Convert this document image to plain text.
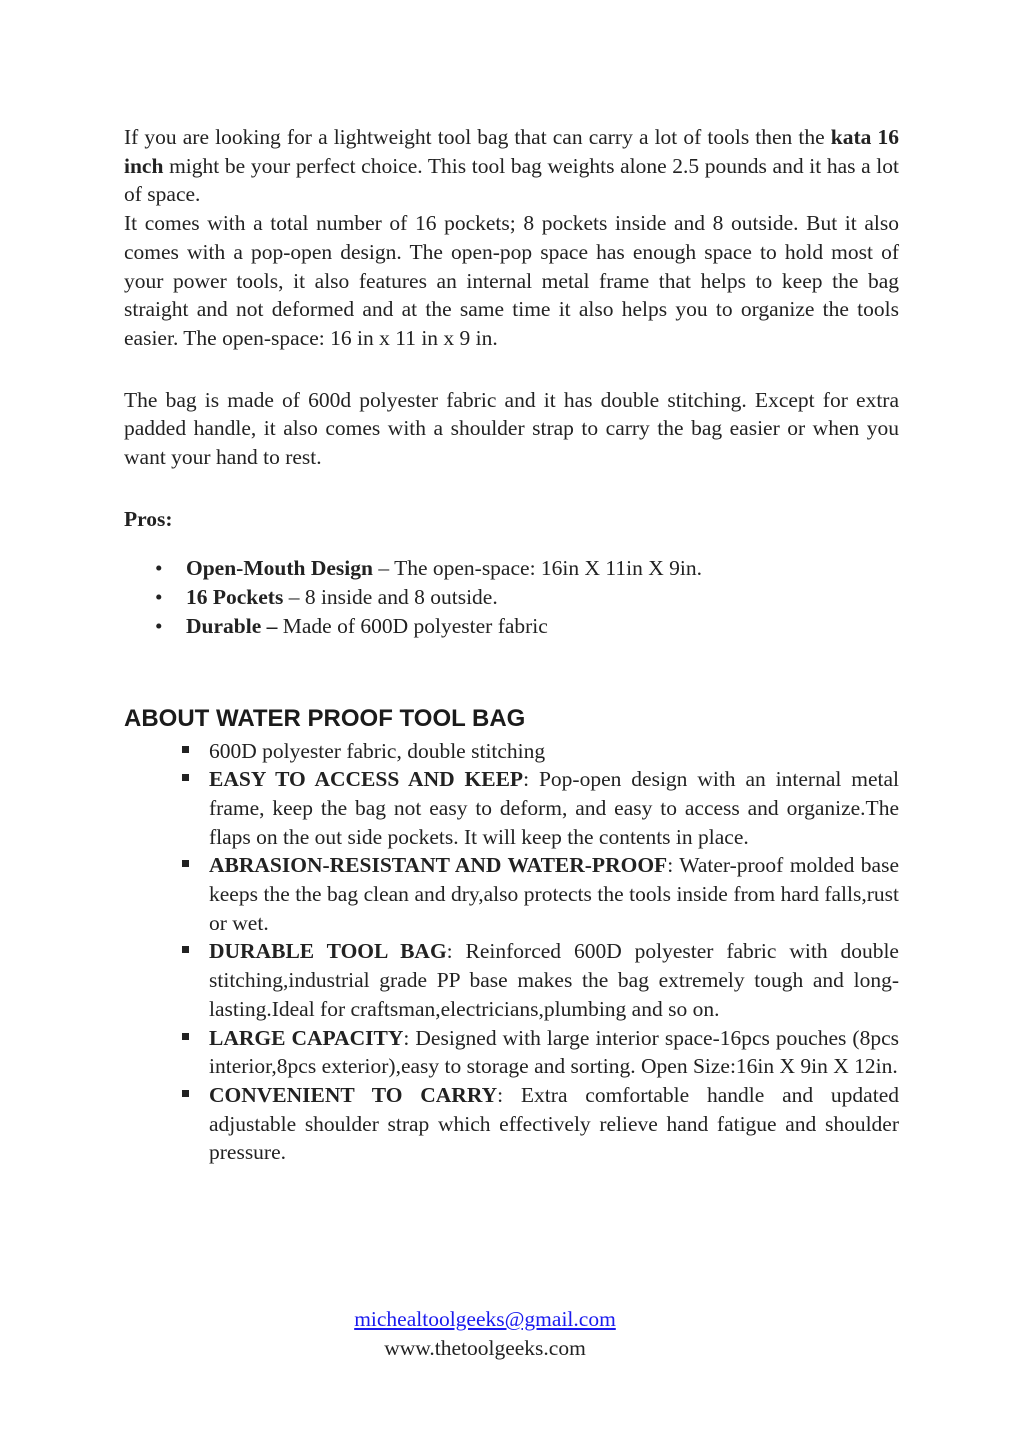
If you are looking for a lightweight tool bag that can carry a lot of tools then the kata 16 inch might be your perfect choice. This tool bag weights alone 2.5 pounds and it has a lot of space.

It comes with a total number of 16 pockets; 8 pockets inside and 8 outside. But it also comes with a pop-open design. The open-pop space has enough space to hold most of your power tools, it also features an internal metal frame that helps to keep the bag straight and not deformed and at the same time it also helps you to organize the tools easier. The open-space: 16 in x 11 in x 9 in.

The bag is made of 600d polyester fabric and it has double stitching. Except for extra padded handle, it also comes with a shoulder strap to carry the bag easier or when you want your hand to rest.

Pros:

• Open-Mouth Design – The open-space: 16in X 11in X 9in.
• 16 Pockets – 8 inside and 8 outside.
• Durable – Made of 600D polyester fabric
ABOUT WATER PROOF TOOL BAG
600D polyester fabric, double stitching
EASY TO ACCESS AND KEEP: Pop-open design with an internal metal frame, keep the bag not easy to deform, and easy to access and organize.The flaps on the out side pockets. It will keep the contents in place.
ABRASION-RESISTANT AND WATER-PROOF: Water-proof molded base keeps the the bag clean and dry,also protects the tools inside from hard falls,rust or wet.
DURABLE TOOL BAG: Reinforced 600D polyester fabric with double stitching,industrial grade PP base makes the bag extremely tough and long-lasting.Ideal for craftsman,electricians,plumbing and so on.
LARGE CAPACITY: Designed with large interior space-16pcs pouches (8pcs interior,8pcs exterior),easy to storage and sorting. Open Size:16in X 9in X 12in.
CONVENIENT TO CARRY: Extra comfortable handle and updated adjustable shoulder strap which effectively relieve hand fatigue and shoulder pressure.
michealtoolgeeks@gmail.com
www.thetoolgeeks.com
